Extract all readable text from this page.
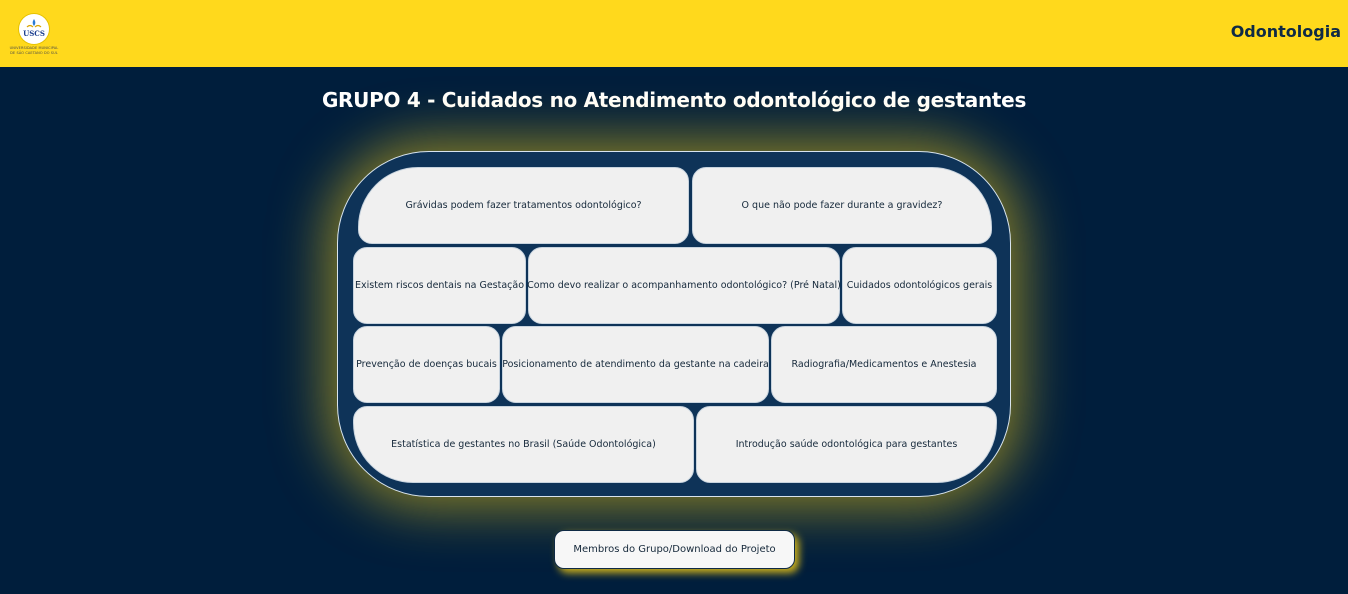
USCS
UNIVERSIDADE MUNICIPAL DE SÃO CAETANO DO SUL
Odontologia
GRUPO 4 - Cuidados no Atendimento odontológico de gestantes
Grávidas podem fazer tratamentos odontológico?	O que não pode fazer durante a gravidez?
Existem riscos dentais na Gestação Como devo realizar o acompanhamento odontológico? (Pré Natal) Cuidados odontológicos gerais
Prevenção de doenças bucais Posicionamento de atendimento da gestante na cadeira	Radiografia/Medicamentos e Anestesia
Estatística de gestantes no Brasil (Saúde Odontológica)	Introdução saúde odontológica para gestantes
Membros do Grupo/Download do Projeto
